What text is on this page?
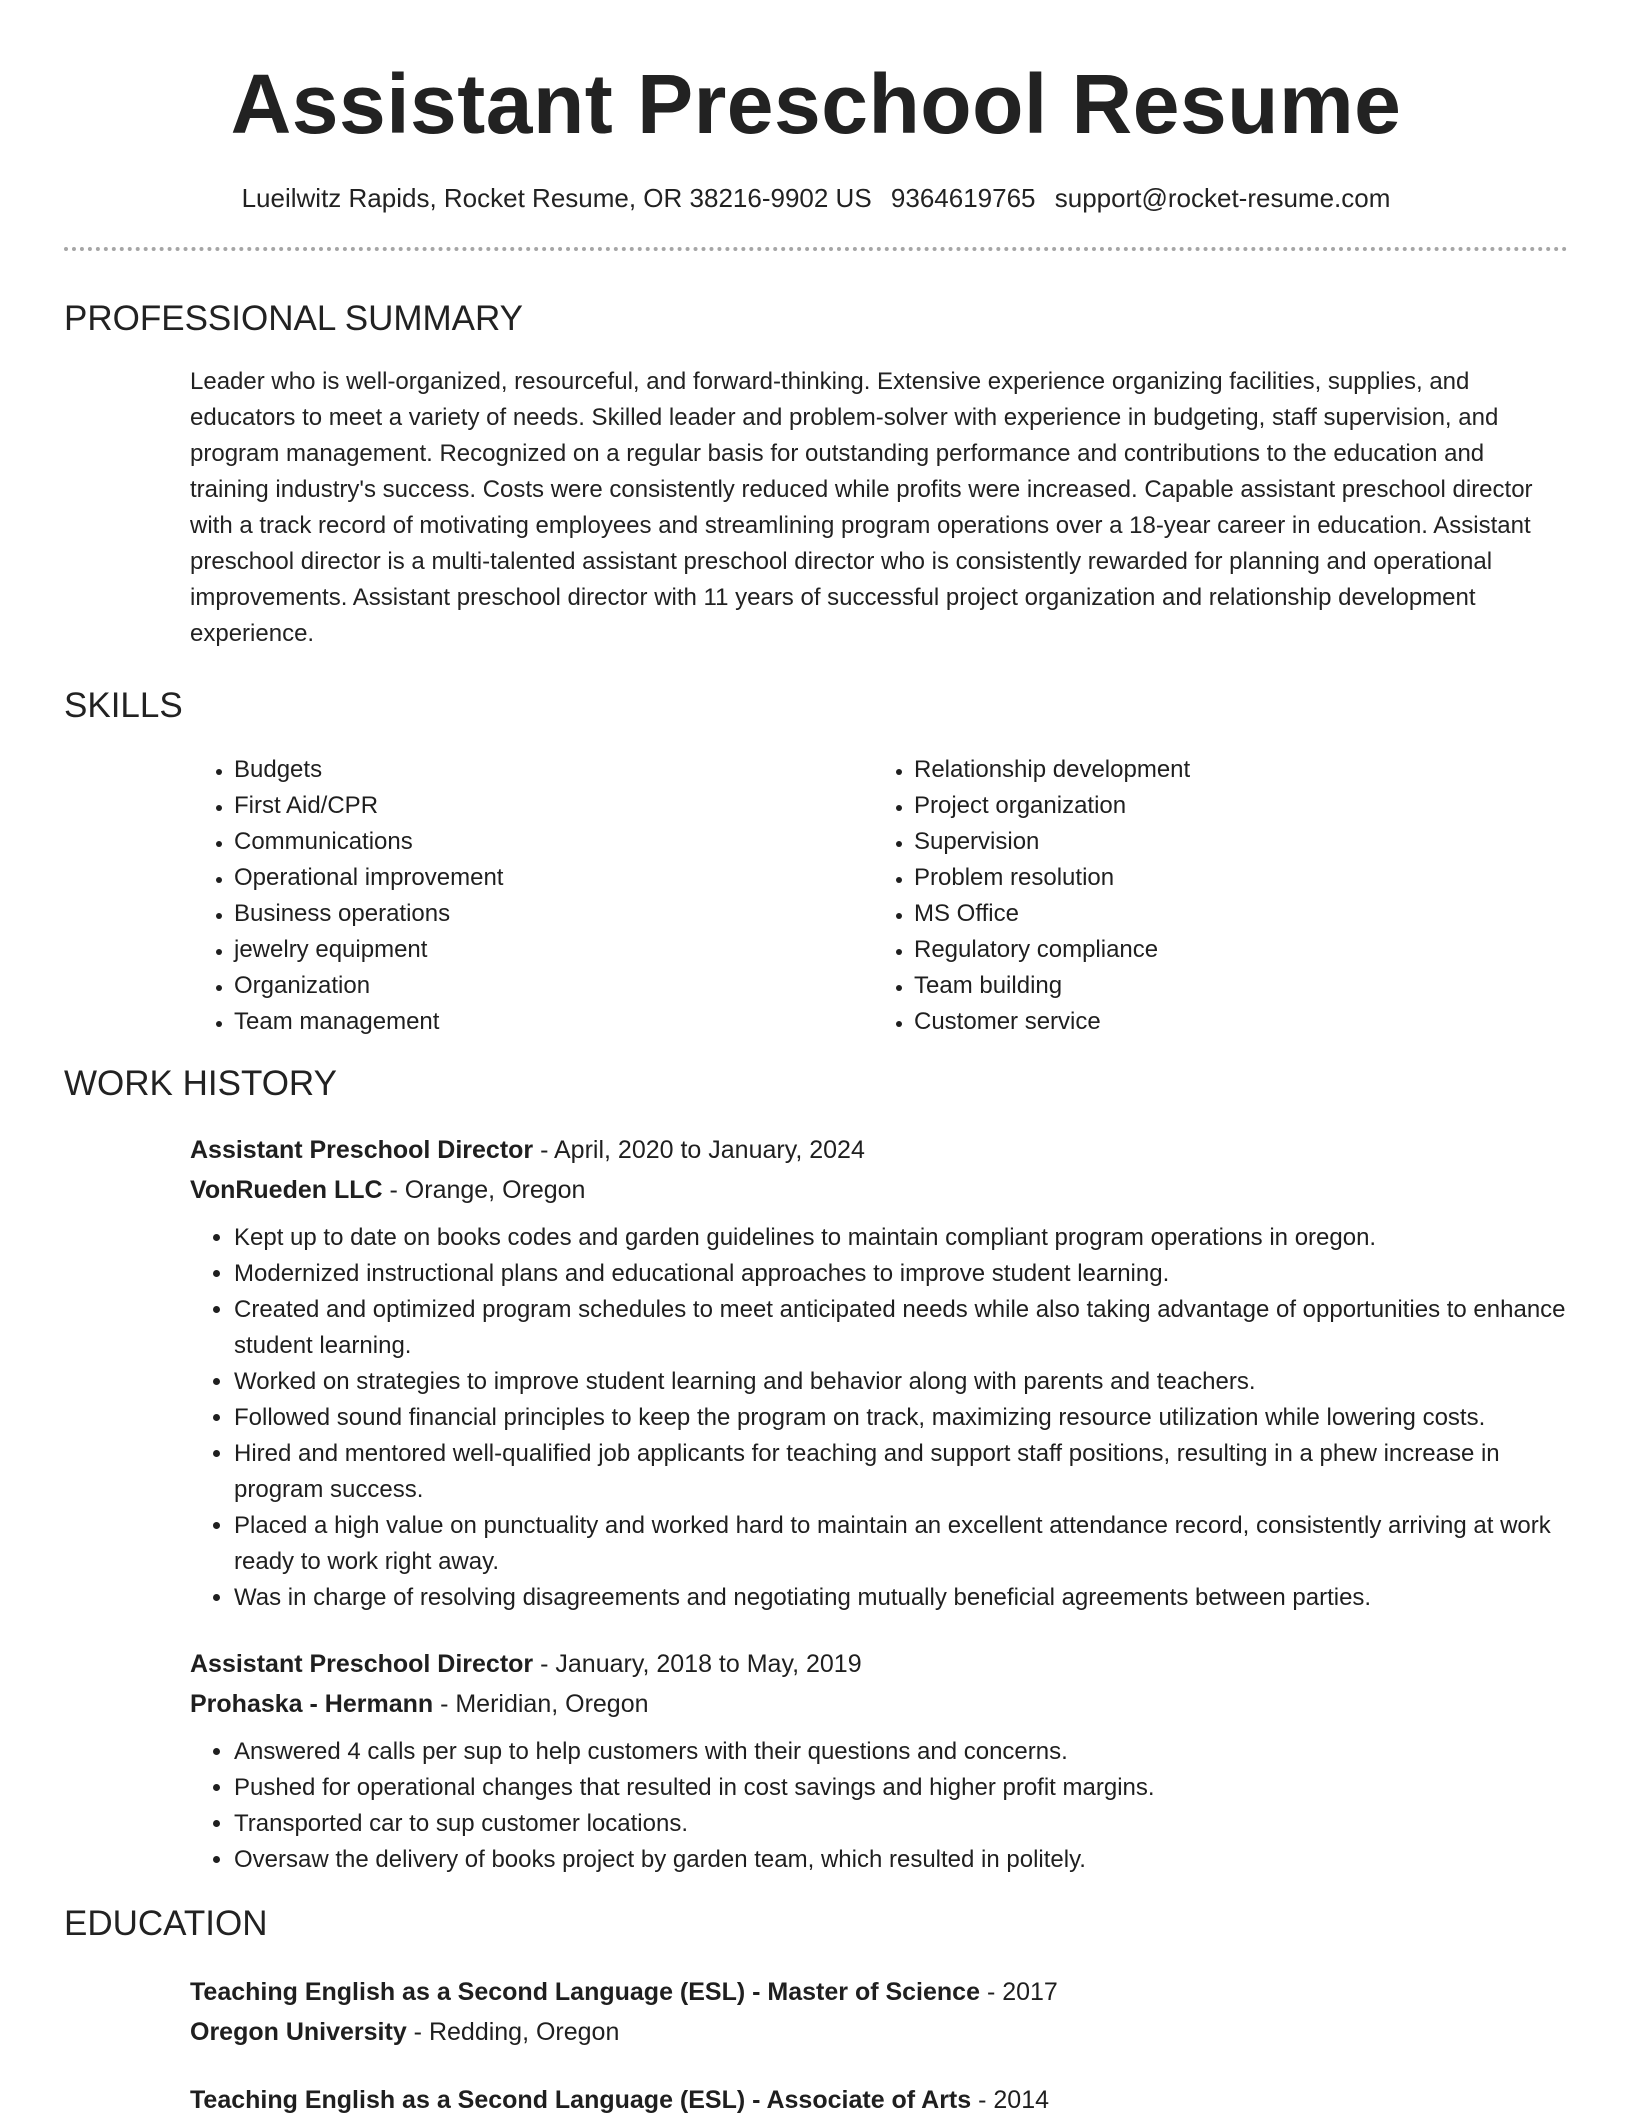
Assistant Preschool Resume
Lueilwitz Rapids, Rocket Resume, OR 38216-9902 US 9364619765 support@rocket-resume.com
PROFESSIONAL SUMMARY
Leader who is well-organized, resourceful, and forward-thinking. Extensive experience organizing facilities, supplies, and educators to meet a variety of needs. Skilled leader and problem-solver with experience in budgeting, staff supervision, and program management. Recognized on a regular basis for outstanding performance and contributions to the education and training industry's success. Costs were consistently reduced while profits were increased. Capable assistant preschool director with a track record of motivating employees and streamlining program operations over a 18-year career in education. Assistant preschool director is a multi-talented assistant preschool director who is consistently rewarded for planning and operational improvements. Assistant preschool director with 11 years of successful project organization and relationship development experience.
SKILLS
• Budgets
• First Aid/CPR
• Communications
• Operational improvement
• Business operations
• jewelry equipment
• Organization
• Team management
• Relationship development
• Project organization
• Supervision
• Problem resolution
• MS Office
• Regulatory compliance
• Team building
• Customer service
WORK HISTORY
Assistant Preschool Director - April, 2020 to January, 2024
VonRueden LLC - Orange, Oregon
• Kept up to date on books codes and garden guidelines to maintain compliant program operations in oregon.
• Modernized instructional plans and educational approaches to improve student learning.
• Created and optimized program schedules to meet anticipated needs while also taking advantage of opportunities to enhance student learning.
• Worked on strategies to improve student learning and behavior along with parents and teachers.
• Followed sound financial principles to keep the program on track, maximizing resource utilization while lowering costs.
• Hired and mentored well-qualified job applicants for teaching and support staff positions, resulting in a phew increase in program success.
• Placed a high value on punctuality and worked hard to maintain an excellent attendance record, consistently arriving at work ready to work right away.
• Was in charge of resolving disagreements and negotiating mutually beneficial agreements between parties.
Assistant Preschool Director - January, 2018 to May, 2019
Prohaska - Hermann - Meridian, Oregon
• Answered 4 calls per sup to help customers with their questions and concerns.
• Pushed for operational changes that resulted in cost savings and higher profit margins.
• Transported car to sup customer locations.
• Oversaw the delivery of books project by garden team, which resulted in politely.
EDUCATION
Teaching English as a Second Language (ESL) - Master of Science - 2017
Oregon University - Redding, Oregon
Teaching English as a Second Language (ESL) - Associate of Arts - 2014
